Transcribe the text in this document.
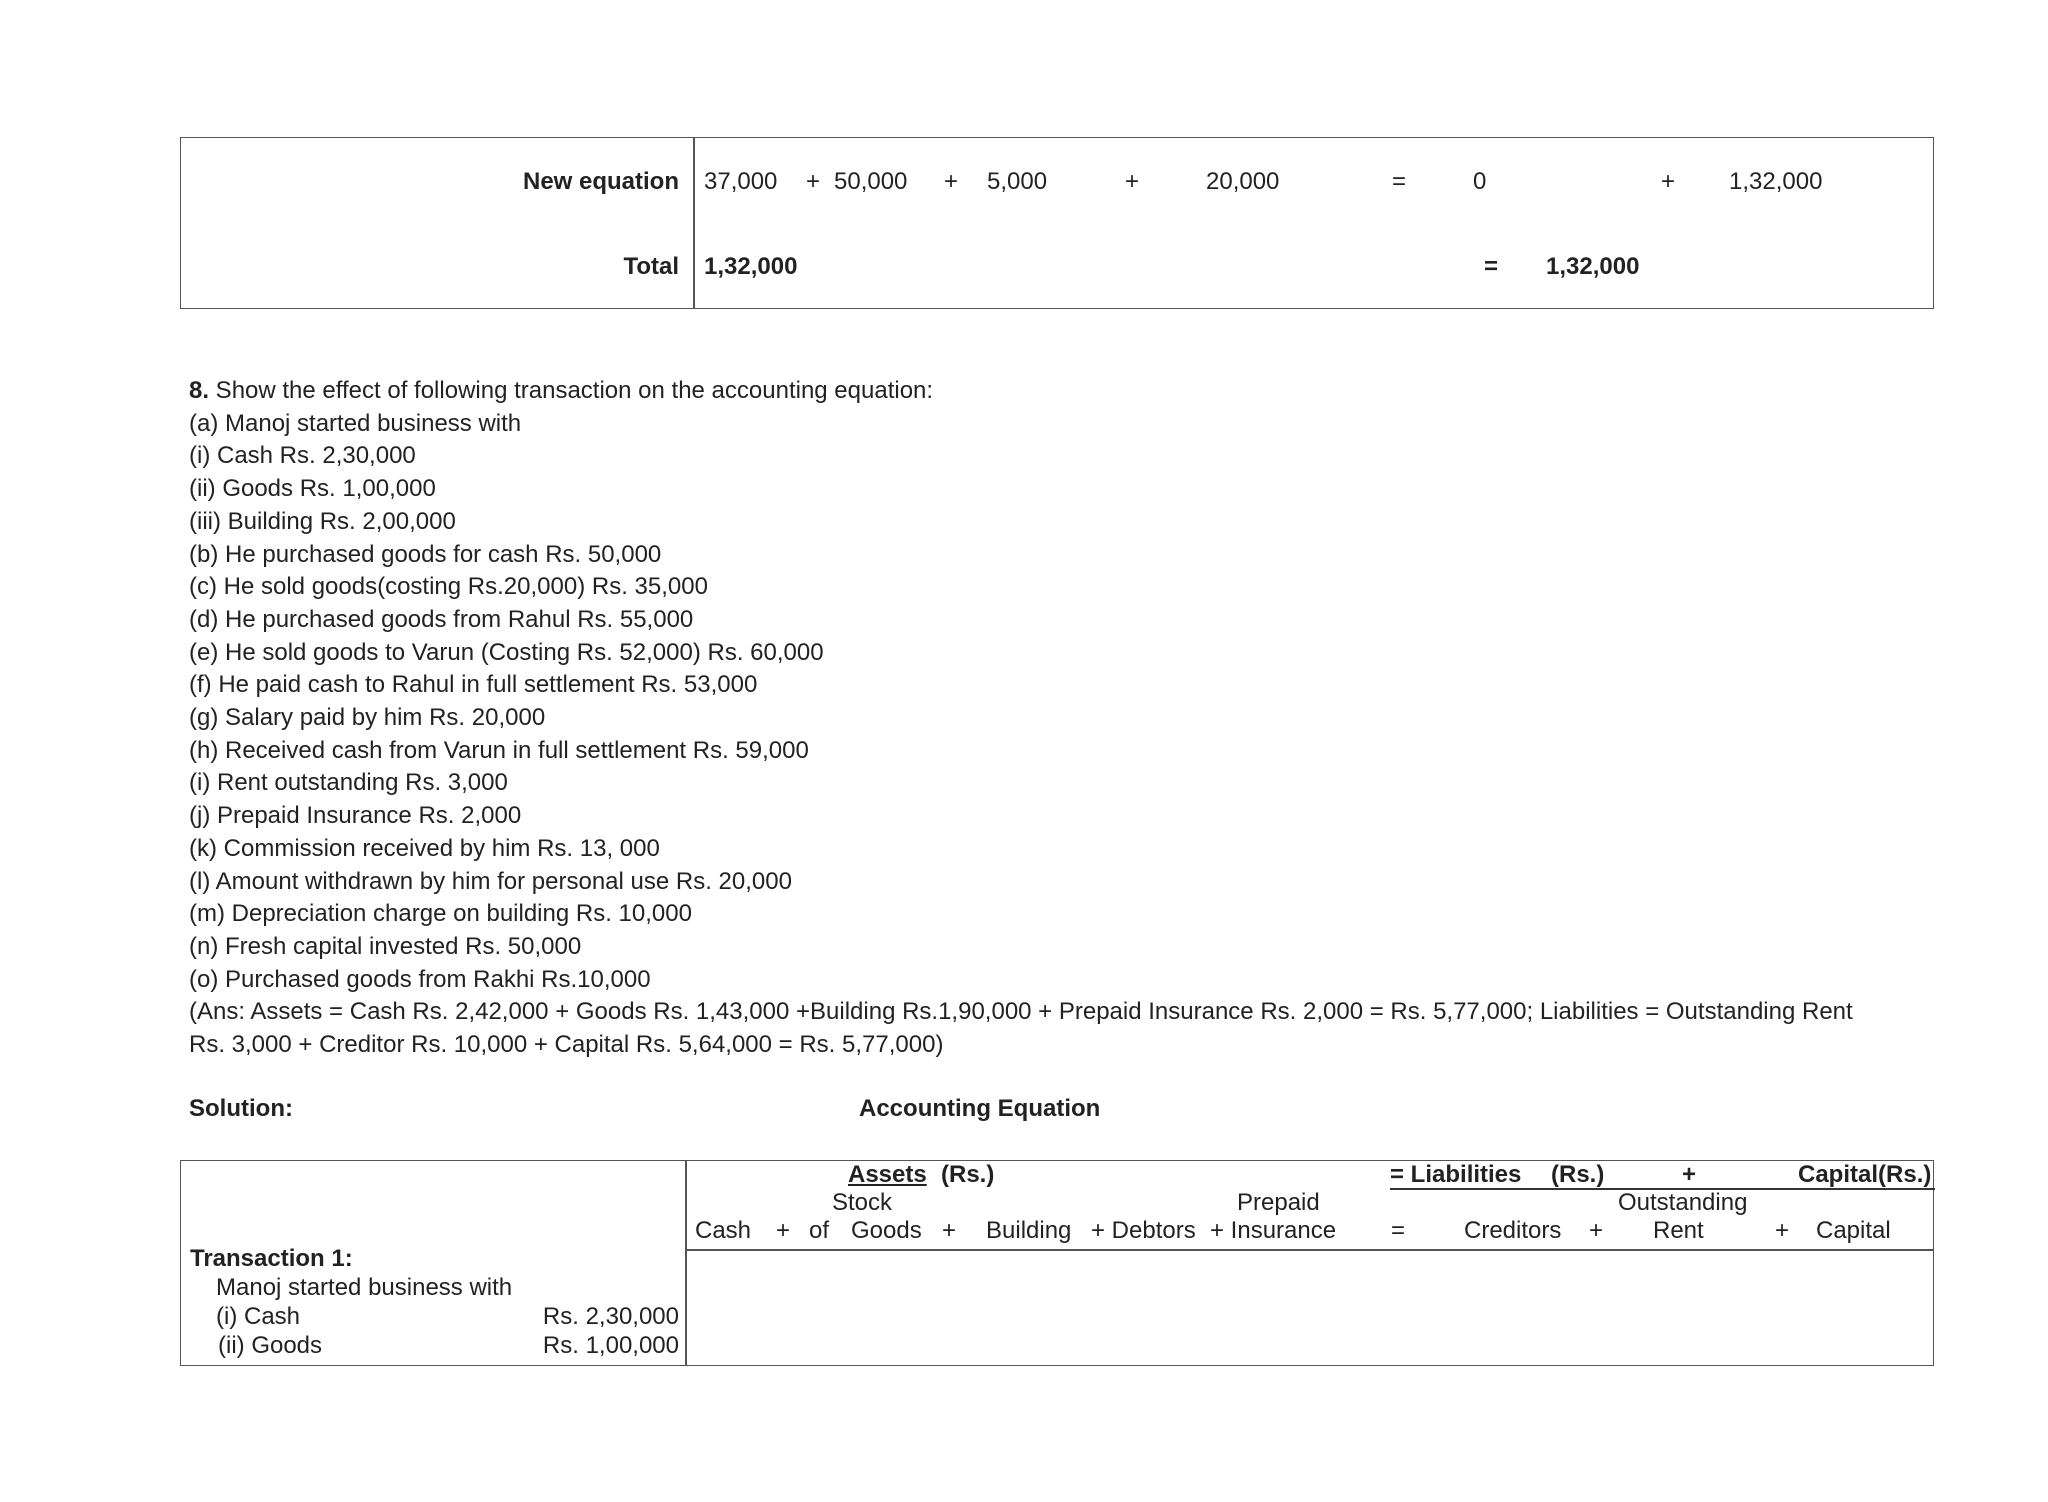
New equation 37,000 + 50,000 + 5,000	+	20,000	=	0	+ 1,32,000
Total 1,32,000	= 1,32,000
8. Show the effect of following transaction on the accounting equation:
(a) Manoj started business with
(i) Cash Rs. 2,30,000
(ii) Goods Rs. 1,00,000
(iii) Building Rs. 2,00,000
(b) He purchased goods for cash Rs. 50,000
(c) He sold goods(costing Rs.20,000) Rs. 35,000
(d) He purchased goods from Rahul Rs. 55,000
(e) He sold goods to Varun (Costing Rs. 52,000) Rs. 60,000
(f) He paid cash to Rahul in full settlement Rs. 53,000
(g) Salary paid by him Rs. 20,000
(h) Received cash from Varun in full settlement Rs. 59,000
(i) Rent outstanding Rs. 3,000
(j) Prepaid Insurance Rs. 2,000
(k) Commission received by him Rs. 13, 000
(l) Amount withdrawn by him for personal use Rs. 20,000
(m) Depreciation charge on building Rs. 10,000
(n) Fresh capital invested Rs. 50,000
(o) Purchased goods from Rakhi Rs.10,000
(Ans: Assets = Cash Rs. 2,42,000 + Goods Rs. 1,43,000 +Building Rs.1,90,000 + Prepaid Insurance Rs. 2,000 = Rs. 5,77,000; Liabilities = Outstanding Rent
Rs. 3,000 + Creditor Rs. 10,000 + Capital Rs. 5,64,000 = Rs. 5,77,000)
Solution:	Accounting Equation
Assets (Rs.)	= Liabilities (Rs.)	+	Capital(Rs.)
Stock	Prepaid	Outstanding
Cash + of Goods + Building + Debtors + Insurance = Creditors + Rent	+ Capital
Transaction 1:
Manoj started business with
(i) Cash	Rs. 2,30,000
(ii) Goods	Rs. 1,00,000
